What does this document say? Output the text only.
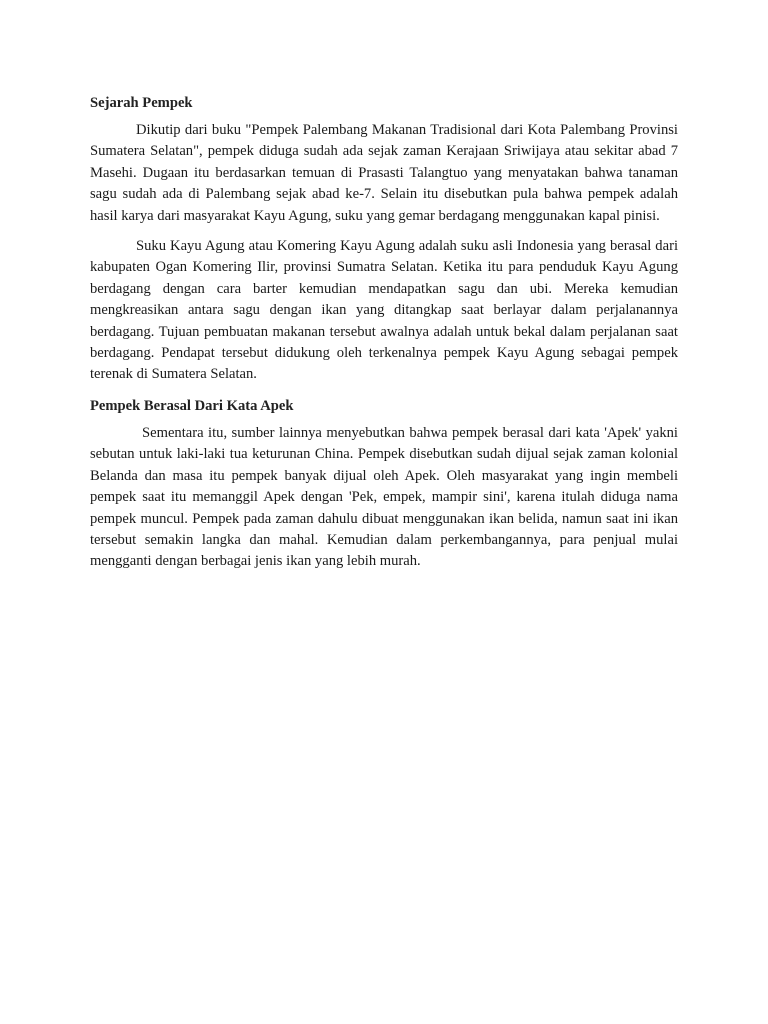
Sejarah Pempek

Dikutip dari buku "Pempek Palembang Makanan Tradisional dari Kota Palembang Provinsi Sumatera Selatan", pempek diduga sudah ada sejak zaman Kerajaan Sriwijaya atau sekitar abad 7 Masehi. Dugaan itu berdasarkan temuan di Prasasti Talangtuo yang menyatakan bahwa tanaman sagu sudah ada di Palembang sejak abad ke-7. Selain itu disebutkan pula bahwa pempek adalah hasil karya dari masyarakat Kayu Agung, suku yang gemar berdagang menggunakan kapal pinisi.

Suku Kayu Agung atau Komering Kayu Agung adalah suku asli Indonesia yang berasal dari kabupaten Ogan Komering Ilir, provinsi Sumatra Selatan. Ketika itu para penduduk Kayu Agung berdagang dengan cara barter kemudian mendapatkan sagu dan ubi. Mereka kemudian mengkreasikan antara sagu dengan ikan yang ditangkap saat berlayar dalam perjalanannya berdagang. Tujuan pembuatan makanan tersebut awalnya adalah untuk bekal dalam perjalanan saat berdagang. Pendapat tersebut didukung oleh terkenalnya pempek Kayu Agung sebagai pempek terenak di Sumatera Selatan.

Pempek Berasal Dari Kata Apek

Sementara itu, sumber lainnya menyebutkan bahwa pempek berasal dari kata 'Apek' yakni sebutan untuk laki-laki tua keturunan China. Pempek disebutkan sudah dijual sejak zaman kolonial Belanda dan masa itu pempek banyak dijual oleh Apek. Oleh masyarakat yang ingin membeli pempek saat itu memanggil Apek dengan 'Pek, empek, mampir sini', karena itulah diduga nama pempek muncul. Pempek pada zaman dahulu dibuat menggunakan ikan belida, namun saat ini ikan tersebut semakin langka dan mahal. Kemudian dalam perkembangannya, para penjual mulai mengganti dengan berbagai jenis ikan yang lebih murah.
